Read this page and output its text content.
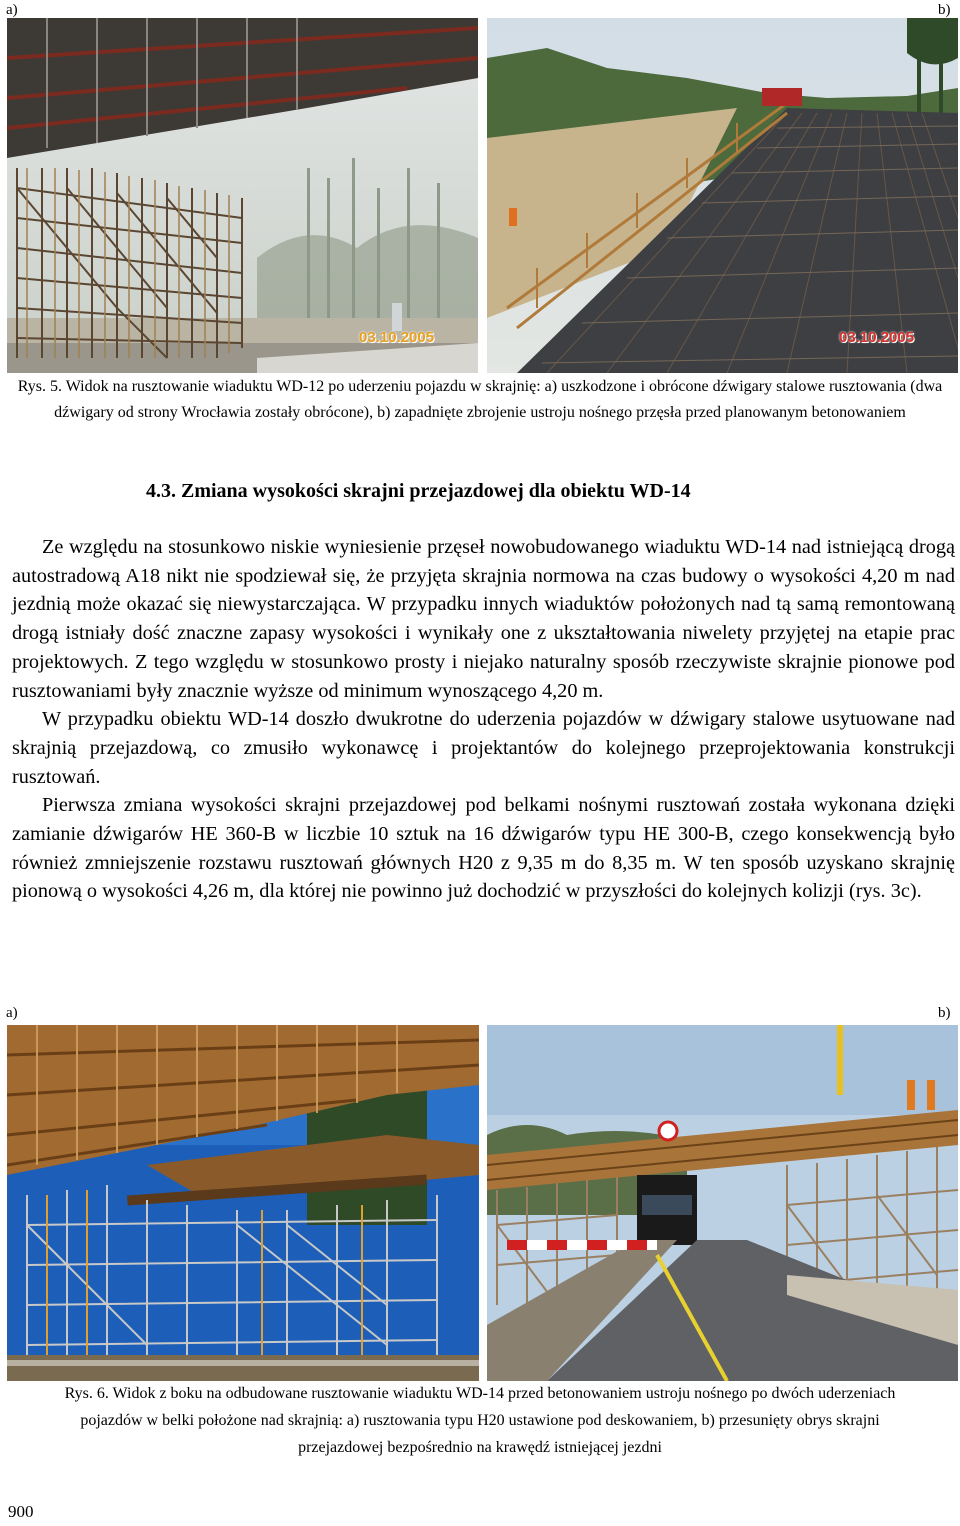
a)	b)
03.10.2005	03.10.2005
Rys. 5. Widok na rusztowanie wiaduktu WD-12 po uderzeniu pojazdu w skrajnię: a) uszkodzone i obrócone dźwigary stalowe rusztowania (dwa dźwigary od strony Wrocławia zostały obrócone), b) zapadnięte zbrojenie ustroju nośnego przęsła przed planowanym betonowaniem
4.3. Zmiana wysokości skrajni przejazdowej dla obiektu WD-14

Ze względu na stosunkowo niskie wyniesienie przęseł nowobudowanego wiaduktu WD-14 nad istniejącą drogą autostradową A18 nikt nie spodziewał się, że przyjęta skrajnia normowa na czas budowy o wysokości 4,20 m nad jezdnią może okazać się niewystarczająca. W przypadku innych wiaduktów położonych nad tą samą remontowaną drogą istniały dość znaczne zapasy wysokości i wynikały one z ukształtowania niwelety przyjętej na etapie prac projektowych. Z tego względu w stosunkowo prosty i niejako naturalny sposób rzeczywiste skrajnie pionowe pod rusztowaniami były znacznie wyższe od minimum wynoszącego 4,20 m.

W przypadku obiektu WD-14 doszło dwukrotne do uderzenia pojazdów w dźwigary stalowe usytuowane nad skrajnią przejazdową, co zmusiło wykonawcę i projektantów do kolejnego przeprojektowania konstrukcji rusztowań.

Pierwsza zmiana wysokości skrajni przejazdowej pod belkami nośnymi rusztowań została wykonana dzięki zamianie dźwigarów HE 360-B w liczbie 10 sztuk na 16 dźwigarów typu HE 300-B, czego konsekwencją było również zmniejszenie rozstawu rusztowań głównych H20 z 9,35 m do 8,35 m. W ten sposób uzyskano skrajnię pionową o wysokości 4,26 m, dla której nie powinno już dochodzić w przyszłości do kolejnych kolizji (rys. 3c).

a)	b)
Rys. 6. Widok z boku na odbudowane rusztowanie wiaduktu WD-14 przed betonowaniem ustroju nośnego po dwóch uderzeniach pojazdów w belki położone nad skrajnią: a) rusztowania typu H20 ustawione pod deskowaniem, b) przesunięty obrys skrajni przejazdowej bezpośrednio na krawędź istniejącej jezdni
900
